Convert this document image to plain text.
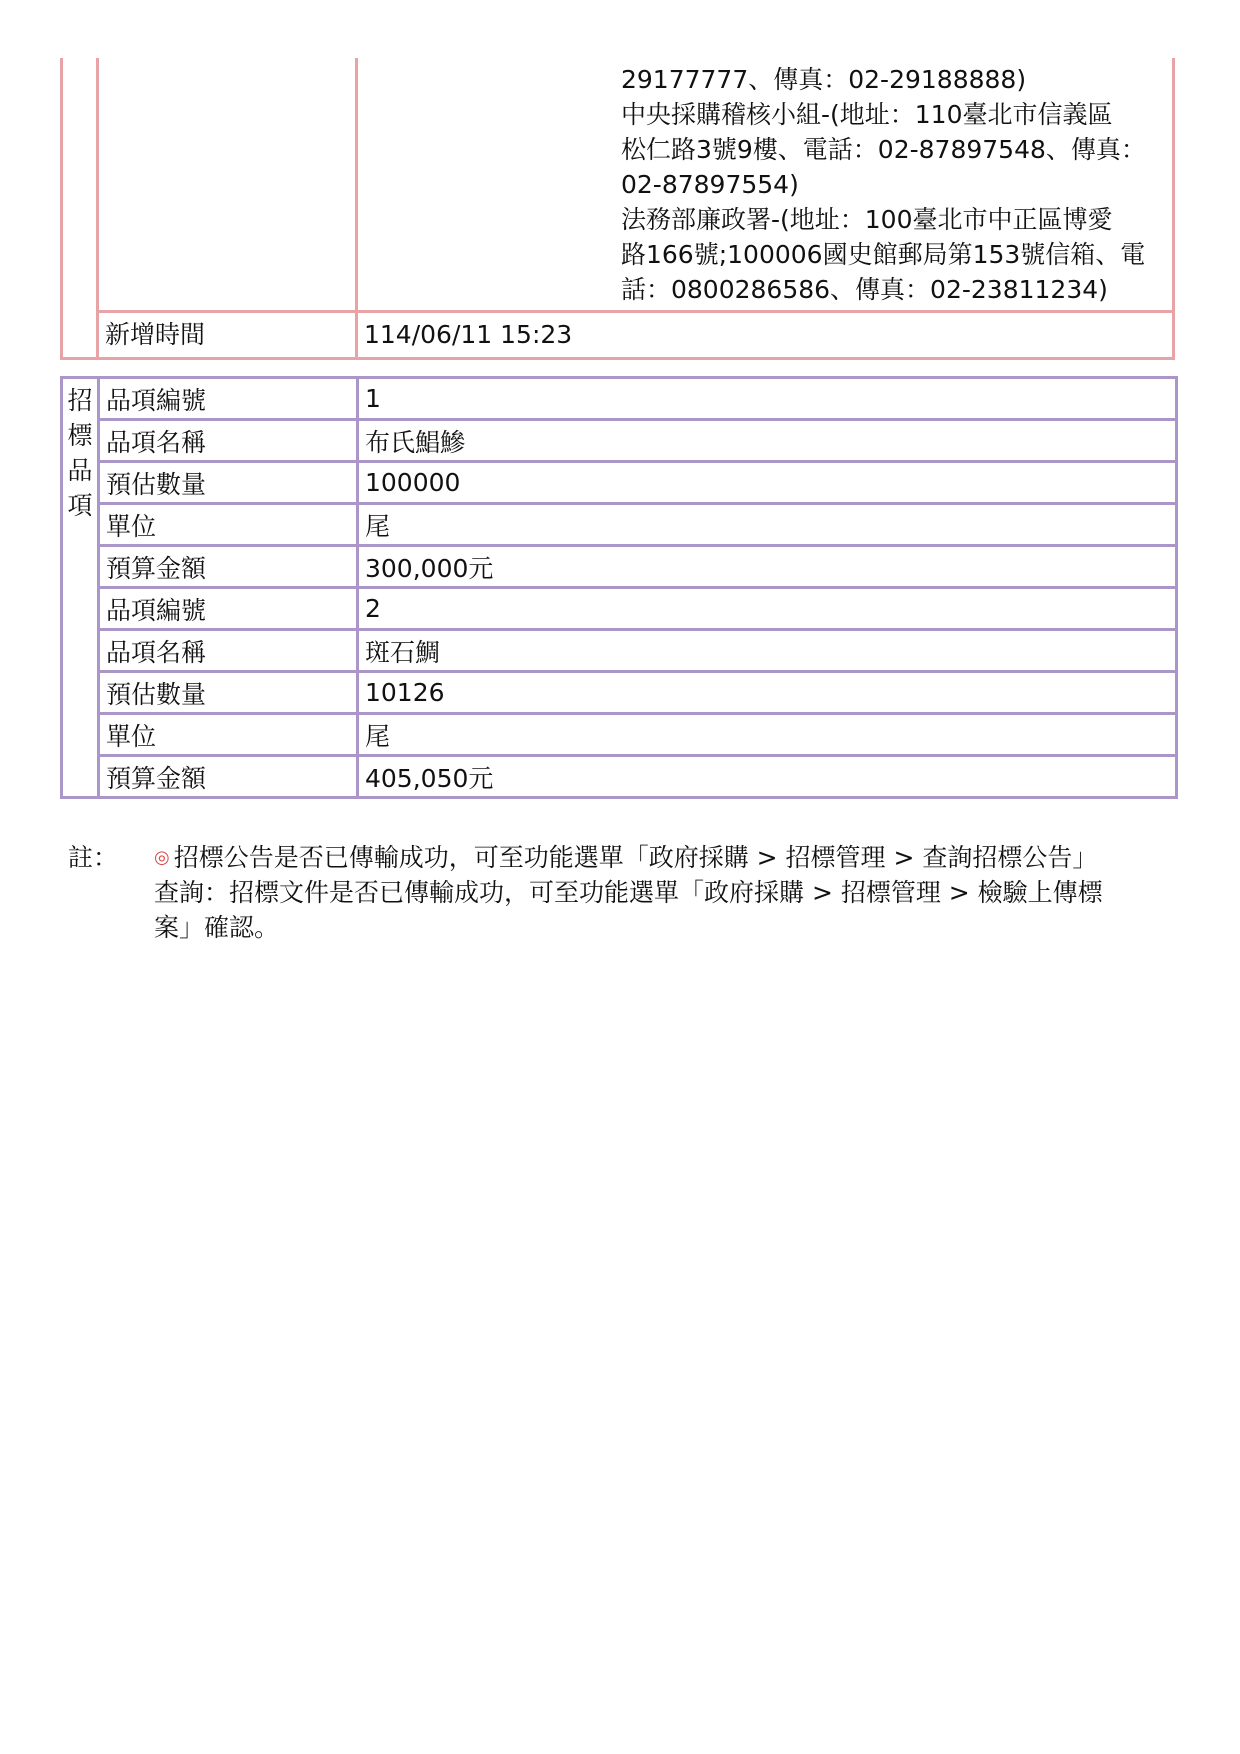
29177777、傳真：02-29188888)
中央採購稽核小組-(地址：110臺北市信義區
松仁路3號9樓、電話：02-87897548、傳真：
02-87897554)
法務部廉政署-(地址：100臺北市中正區博愛
路166號;100006國史館郵局第153號信箱、電
話：0800286586、傳真：02-23811234)
新增時間	114/06/11 15:23
招
標
品
項	品項編號	1
	品項名稱	布氏鯧鰺
	預估數量	100000
	單位	尾
	預算金額	300,000元
	品項編號	2
	品項名稱	斑石鯛
	預估數量	10126
	單位	尾
	預算金額	405,050元
註： ◎ 招標公告是否已傳輸成功，可至功能選單「政府採購 > 招標管理 > 查詢招標公告」
查詢：招標文件是否已傳輸成功，可至功能選單「政府採購 > 招標管理 > 檢驗上傳標
案」確認。
